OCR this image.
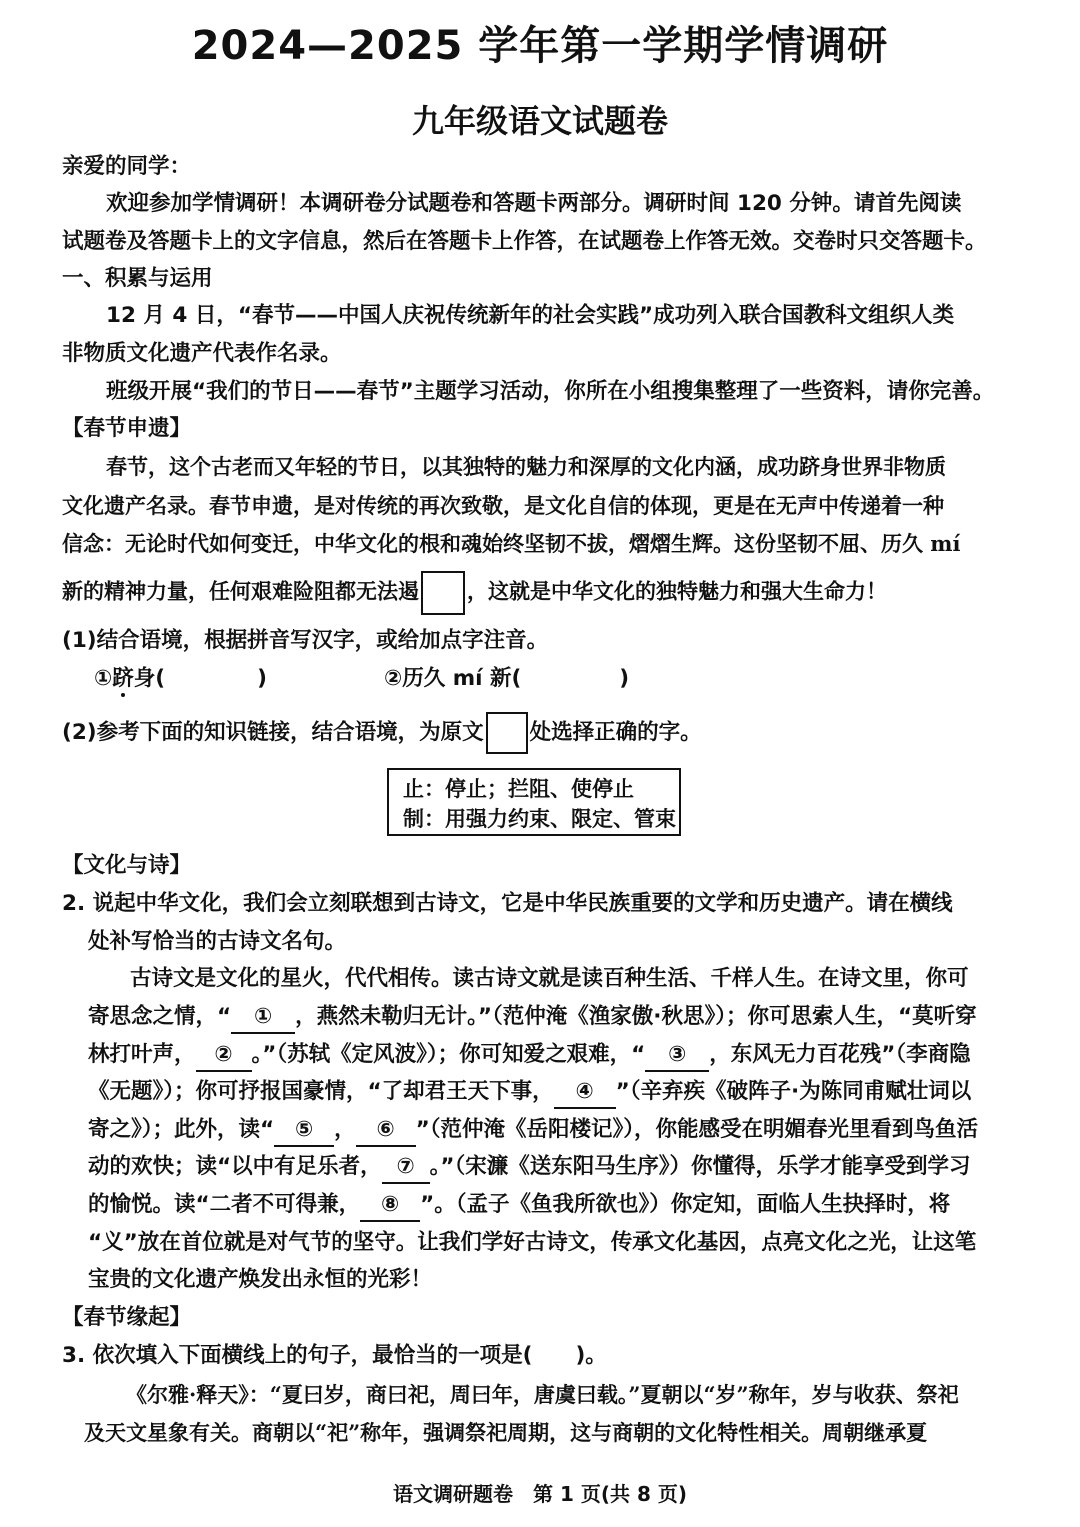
2024—2025 学年第一学期学情调研
九年级语文试题卷
亲爱的同学：
欢迎参加学情调研！本调研卷分试题卷和答题卡两部分。调研时间 120 分钟。请首先阅读
试题卷及答题卡上的文字信息，然后在答题卡上作答，在试题卷上作答无效。交卷时只交答题卡。
一、积累与运用
12 月 4 日，“春节——中国人庆祝传统新年的社会实践”成功列入联合国教科文组织人类
非物质文化遗产代表作名录。
班级开展“我们的节日——春节”主题学习活动，你所在小组搜集整理了一些资料，请你完善。
【春节申遗】
春节，这个古老而又年轻的节日，以其独特的魅力和深厚的文化内涵，成功跻身世界非物质
文化遗产名录。春节申遗，是对传统的再次致敬，是文化自信的体现，更是在无声中传递着一种
信念：无论时代如何变迁，中华文化的根和魂始终坚韧不拔，熠熠生辉。这份坚韧不屈、历久 mí
新的精神力量，任何艰难险阻都无法遏 ，这就是中华文化的独特魅力和强大生命力！
(1)结合语境，根据拼音写汉字，或给加点字注音。
①跻身(	)	②历久 mí 新(	)
(2)参考下面的知识链接，结合语境，为原文 处选择正确的字。
止：停止；拦阻、使停止
制：用强力约束、限定、管束
【文化与诗】
2. 说起中华文化，我们会立刻联想到古诗文，它是中华民族重要的文学和历史遗产。请在横线
处补写恰当的古诗文名句。
古诗文是文化的星火，代代相传。读古诗文就是读百种生活、千样人生。在诗文里，你可
寄思念之情，“ ① ，燕然未勒归无计。”（范仲淹《渔家傲·秋思》）；你可思索人生，“莫听穿
林打叶声， ② 。”（苏轼《定风波》）；你可知爱之艰难，“ ③ ，东风无力百花残”（李商隐
《无题》）；你可抒报国豪情，“了却君王天下事， ④ ”（辛弃疾《破阵子·为陈同甫赋壮词以
寄之》）；此外，读“ ⑤ ， ⑥ ”（范仲淹《岳阳楼记》），你能感受在明媚春光里看到鸟鱼活
动的欢快；读“以中有足乐者， ⑦ 。”（宋濂《送东阳马生序》）你懂得，乐学才能享受到学习
的愉悦。读“二者不可得兼， ⑧ ”。（孟子《鱼我所欲也》）你定知，面临人生抉择时，将
“义”放在首位就是对气节的坚守。让我们学好古诗文，传承文化基因，点亮文化之光，让这笔
宝贵的文化遗产焕发出永恒的光彩！
【春节缘起】
3. 依次填入下面横线上的句子，最恰当的一项是(　　)。
《尔雅·释天》：“夏曰岁，商曰祀，周曰年，唐虞曰载。”夏朝以“岁”称年，岁与收获、祭祀
及天文星象有关。商朝以“祀”称年，强调祭祀周期，这与商朝的文化特性相关。周朝继承夏
语文调研题卷　第 1 页(共 8 页)
